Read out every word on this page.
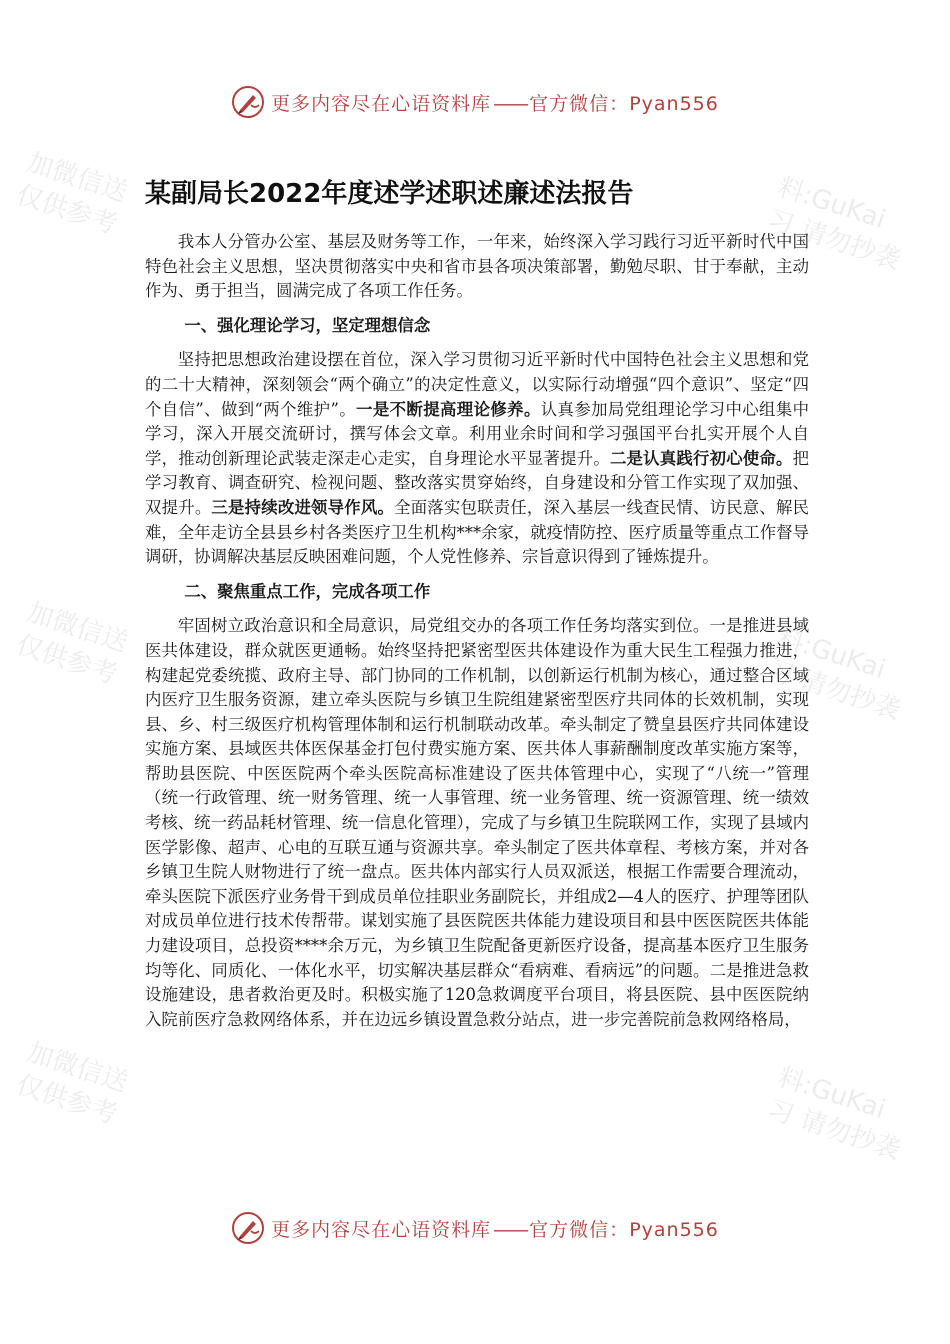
加微信送
仅供参考	料:GuKai
习 请勿抄袭
加微信送
仅供参考	料:GuKai
习 请勿抄袭
加微信送
仅供参考	料:GuKai
习 请勿抄袭
更多内容尽在心语资料库 —— 官方微信：Pyan556
某副局长2022年度述学述职述廉述法报告

我本人分管办公室、基层及财务等工作，一年来，始终深入学习践行习近平新时代中国特色社会主义思想，坚决贯彻落实中央和省市县各项决策部署，勤勉尽职、甘于奉献，主动作为、勇于担当，圆满完成了各项工作任务。

一、强化理论学习，坚定理想信念

坚持把思想政治建设摆在首位，深入学习贯彻习近平新时代中国特色社会主义思想和党的二十大精神，深刻领会“两个确立”的决定性意义，以实际行动增强“四个意识”、坚定“四个自信”、做到“两个维护”。一是不断提高理论修养。认真参加局党组理论学习中心组集中学习，深入开展交流研讨，撰写体会文章。利用业余时间和学习强国平台扎实开展个人自学，推动创新理论武装走深走心走实，自身理论水平显著提升。二是认真践行初心使命。把学习教育、调查研究、检视问题、整改落实贯穿始终，自身建设和分管工作实现了双加强、双提升。三是持续改进领导作风。全面落实包联责任，深入基层一线查民情、访民意、解民难，全年走访全县县乡村各类医疗卫生机构***余家，就疫情防控、医疗质量等重点工作督导调研，协调解决基层反映困难问题，个人党性修养、宗旨意识得到了锤炼提升。

二、聚焦重点工作，完成各项工作

牢固树立政治意识和全局意识，局党组交办的各项工作任务均落实到位。一是推进县域医共体建设，群众就医更通畅。始终坚持把紧密型医共体建设作为重大民生工程强力推进，构建起党委统揽、政府主导、部门协同的工作机制，以创新运行机制为核心，通过整合区域内医疗卫生服务资源，建立牵头医院与乡镇卫生院组建紧密型医疗共同体的长效机制，实现县、乡、村三级医疗机构管理体制和运行机制联动改革。牵头制定了赞皇县医疗共同体建设实施方案、县域医共体医保基金打包付费实施方案、医共体人事薪酬制度改革实施方案等，帮助县医院、中医医院两个牵头医院高标准建设了医共体管理中心，实现了“八统一”管理（统一行政管理、统一财务管理、统一人事管理、统一业务管理、统一资源管理、统一绩效考核、统一药品耗材管理、统一信息化管理），完成了与乡镇卫生院联网工作，实现了县域内医学影像、超声、心电的互联互通与资源共享。牵头制定了医共体章程、考核方案，并对各乡镇卫生院人财物进行了统一盘点。医共体内部实行人员双派送，根据工作需要合理流动，牵头医院下派医疗业务骨干到成员单位挂职业务副院长，并组成2—4人的医疗、护理等团队对成员单位进行技术传帮带。谋划实施了县医院医共体能力建设项目和县中医医院医共体能力建设项目，总投资****余万元，为乡镇卫生院配备更新医疗设备，提高基本医疗卫生服务均等化、同质化、一体化水平，切实解决基层群众“看病难、看病远”的问题。二是推进急救设施建设，患者救治更及时。积极实施了120急救调度平台项目，将县医院、县中医医院纳入院前医疗急救网络体系，并在边远乡镇设置急救分站点，进一步完善院前急救网络格局，

更多内容尽在心语资料库 —— 官方微信：Pyan556
